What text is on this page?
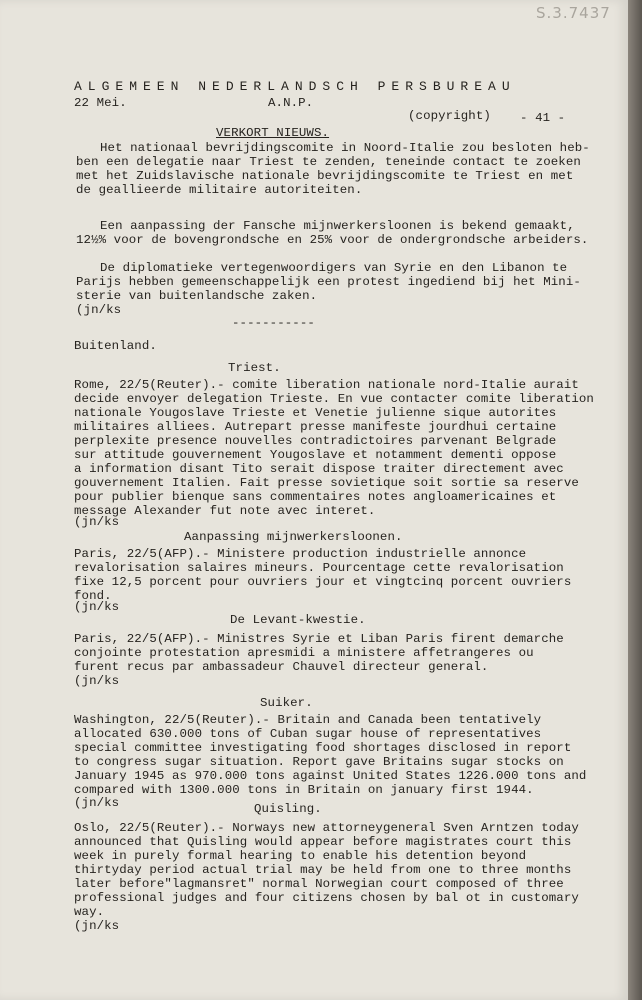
S.3.7437
ALGEMEEN NEDERLANDSCH PERSBUREAU
22 Mei.	A.N.P.
(copyright) - 41 -
VERKORT NIEUWS.
Het nationaal bevrijdingscomite in Noord-Italie zou besloten heb-
ben een delegatie naar Triest te zenden, teneinde contact te zoeken
met het Zuidslavische nationale bevrijdingscomite te Triest en met
de geallieerde militaire autoriteiten.
Een aanpassing der Fansche mijnwerkersloonen is bekend gemaakt,
12½% voor de bovengrondsche en 25% voor de ondergrondsche arbeiders.
De diplomatieke vertegenwoordigers van Syrie en den Libanon te
Parijs hebben gemeenschappelijk een protest ingediend bij het Mini-
sterie van buitenlandsche zaken.
(jn/ks
-----------
Buitenland.
Triest.
Rome, 22/5(Reuter).- comite liberation nationale nord-Italie aurait
decide envoyer delegation Trieste. En vue contacter comite liberation
nationale Yougoslave Trieste et Venetie julienne sique autorites
militaires alliees. Autrepart presse manifeste jourdhui certaine
perplexite presence nouvelles contradictoires parvenant Belgrade
sur attitude gouvernement Yougoslave et notamment dementi oppose
a information disant Tito serait dispose traiter directement avec
gouvernement Italien. Fait presse sovietique soit sortie sa reserve
pour publier bienque sans commentaires notes angloamericaines et
message Alexander fut note avec interet.
(jn/ks
Aanpassing mijnwerkersloonen.
Paris, 22/5(AFP).- Ministere production industrielle annonce
revalorisation salaires mineurs. Pourcentage cette revalorisation
fixe 12,5 porcent pour ouvriers jour et vingtcinq porcent ouvriers
fond.
(jn/ks
De Levant-kwestie.
Paris, 22/5(AFP).- Ministres Syrie et Liban Paris firent demarche
conjointe protestation apresmidi a ministere affetrangeres ou
furent recus par ambassadeur Chauvel directeur general.
(jn/ks
Suiker.
Washington, 22/5(Reuter).- Britain and Canada been tentatively
allocated 630.000 tons of Cuban sugar house of representatives
special committee investigating food shortages disclosed in report
to congress sugar situation. Report gave Britains sugar stocks on
January 1945 as 970.000 tons against United States 1226.000 tons and
compared with 1300.000 tons in Britain on january first 1944.
(jn/ks	Quisling.
Oslo, 22/5(Reuter).- Norways new attorneygeneral Sven Arntzen today
announced that Quisling would appear before magistrates court this
week in purely formal hearing to enable his detention beyond
thirtyday period actual trial may be held from one to three months
later before"lagmansret" normal Norwegian court composed of three
professional judges and four citizens chosen by bal ot in customary
way.
(jn/ks
